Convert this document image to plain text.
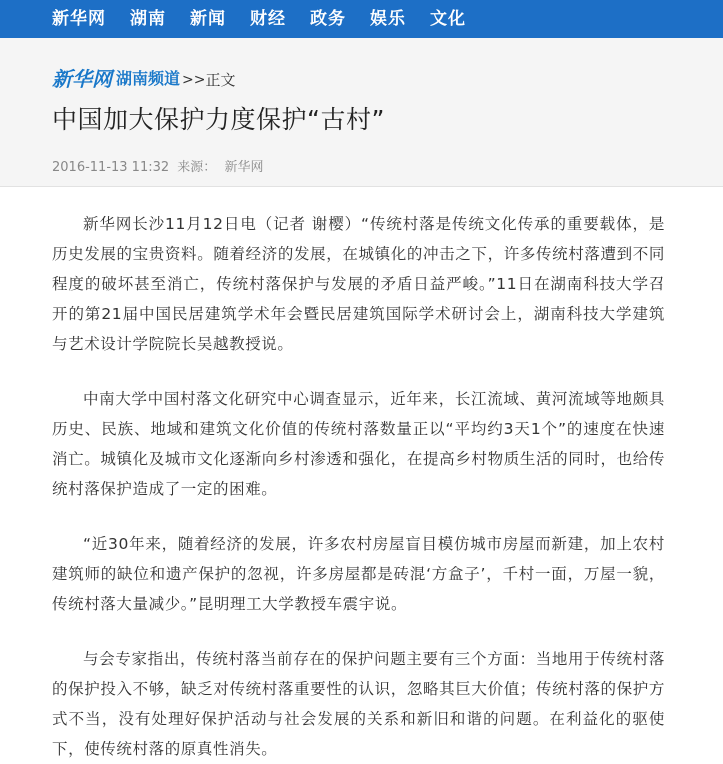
新华网 湖南 新闻 财经 政务 娱乐 文化
新华网 湖南频道 >> 正文
中国加大保护力度保护“古村”
2016-11-13 11:32 来源： 新华网

新华网长沙11月12日电（记者 谢樱）“传统村落是传统文化传承的重要载体，是历史发展的宝贵资料。随着经济的发展，在城镇化的冲击之下，许多传统村落遭到不同程度的破坏甚至消亡，传统村落保护与发展的矛盾日益严峻。”11日在湖南科技大学召开的第21届中国民居建筑学术年会暨民居建筑国际学术研讨会上，湖南科技大学建筑与艺术设计学院院长吴越教授说。

中南大学中国村落文化研究中心调查显示，近年来，长江流域、黄河流域等地颇具历史、民族、地域和建筑文化价值的传统村落数量正以“平均约3天1个”的速度在快速消亡。城镇化及城市文化逐渐向乡村渗透和强化，在提高乡村物质生活的同时，也给传统村落保护造成了一定的困难。

“近30年来，随着经济的发展，许多农村房屋盲目模仿城市房屋而新建，加上农村建筑师的缺位和遗产保护的忽视，许多房屋都是砖混‘方盒子’，千村一面，万屋一貌，传统村落大量减少。”昆明理工大学教授车震宇说。

与会专家指出，传统村落当前存在的保护问题主要有三个方面：当地用于传统村落的保护投入不够，缺乏对传统村落重要性的认识，忽略其巨大价值；传统村落的保护方式不当，没有处理好保护活动与社会发展的关系和新旧和谐的问题。在利益化的驱使下，使传统村落的原真性消失。
